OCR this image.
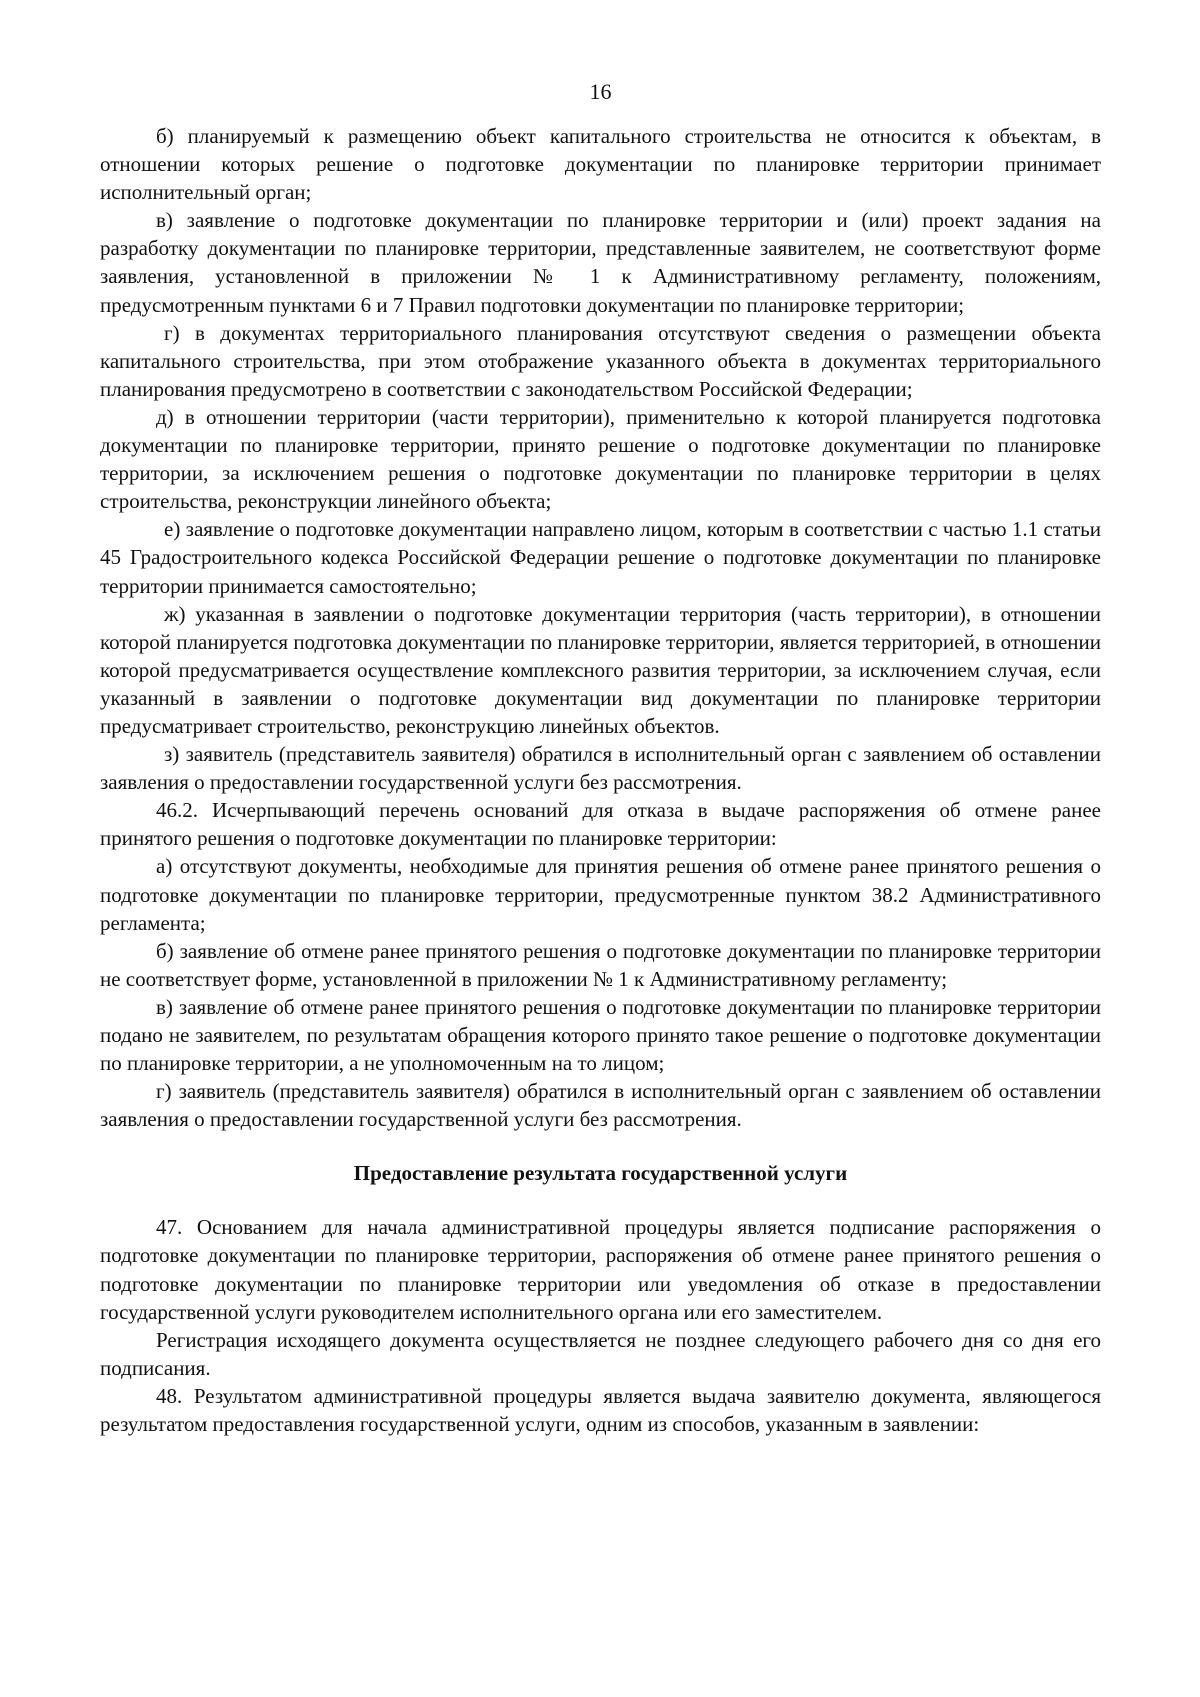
16

б) планируемый к размещению объект капитального строительства не относится к объектам, в отношении которых решение о подготовке документации по планировке территории принимает исполнительный орган;

в) заявление о подготовке документации по планировке территории и (или) проект задания на разработку документации по планировке территории, представленные заявителем, не соответствуют форме заявления, установленной в приложении № 1 к Административному регламенту, положениям, предусмотренным пунктами 6 и 7 Правил подготовки документации по планировке территории;

г) в документах территориального планирования отсутствуют сведения о размещении объекта капитального строительства, при этом отображение указанного объекта в документах территориального планирования предусмотрено в соответствии с законодательством Российской Федерации;

д) в отношении территории (части территории), применительно к которой планируется подготовка документации по планировке территории, принято решение о подготовке документации по планировке территории, за исключением решения о подготовке документации по планировке территории в целях строительства, реконструкции линейного объекта;

е) заявление о подготовке документации направлено лицом, которым в соответствии с частью 1.1 статьи 45 Градостроительного кодекса Российской Федерации решение о подготовке документации по планировке территории принимается самостоятельно;

ж) указанная в заявлении о подготовке документации территория (часть территории), в отношении которой планируется подготовка документации по планировке территории, является территорией, в отношении которой предусматривается осуществление комплексного развития территории, за исключением случая, если указанный в заявлении о подготовке документации вид документации по планировке территории предусматривает строительство, реконструкцию линейных объектов.

з) заявитель (представитель заявителя) обратился в исполнительный орган с заявлением об оставлении заявления о предоставлении государственной услуги без рассмотрения.

46.2. Исчерпывающий перечень оснований для отказа в выдаче распоряжения об отмене ранее принятого решения о подготовке документации по планировке территории:

а) отсутствуют документы, необходимые для принятия решения об отмене ранее принятого решения о подготовке документации по планировке территории, предусмотренные пунктом 38.2 Административного регламента;

б) заявление об отмене ранее принятого решения о подготовке документации по планировке территории не соответствует форме, установленной в приложении № 1 к Административному регламенту;

в) заявление об отмене ранее принятого решения о подготовке документации по планировке территории подано не заявителем, по результатам обращения которого принято такое решение о подготовке документации по планировке территории, а не уполномоченным на то лицом;

г) заявитель (представитель заявителя) обратился в исполнительный орган с заявлением об оставлении заявления о предоставлении государственной услуги без рассмотрения.

Предоставление результата государственной услуги

47. Основанием для начала административной процедуры является подписание распоряжения о подготовке документации по планировке территории, распоряжения об отмене ранее принятого решения о подготовке документации по планировке территории или уведомления об отказе в предоставлении государственной услуги руководителем исполнительного органа или его заместителем.

Регистрация исходящего документа осуществляется не позднее следующего рабочего дня со дня его подписания.

48. Результатом административной процедуры является выдача заявителю документа, являющегося результатом предоставления государственной услуги, одним из способов, указанным в заявлении:
